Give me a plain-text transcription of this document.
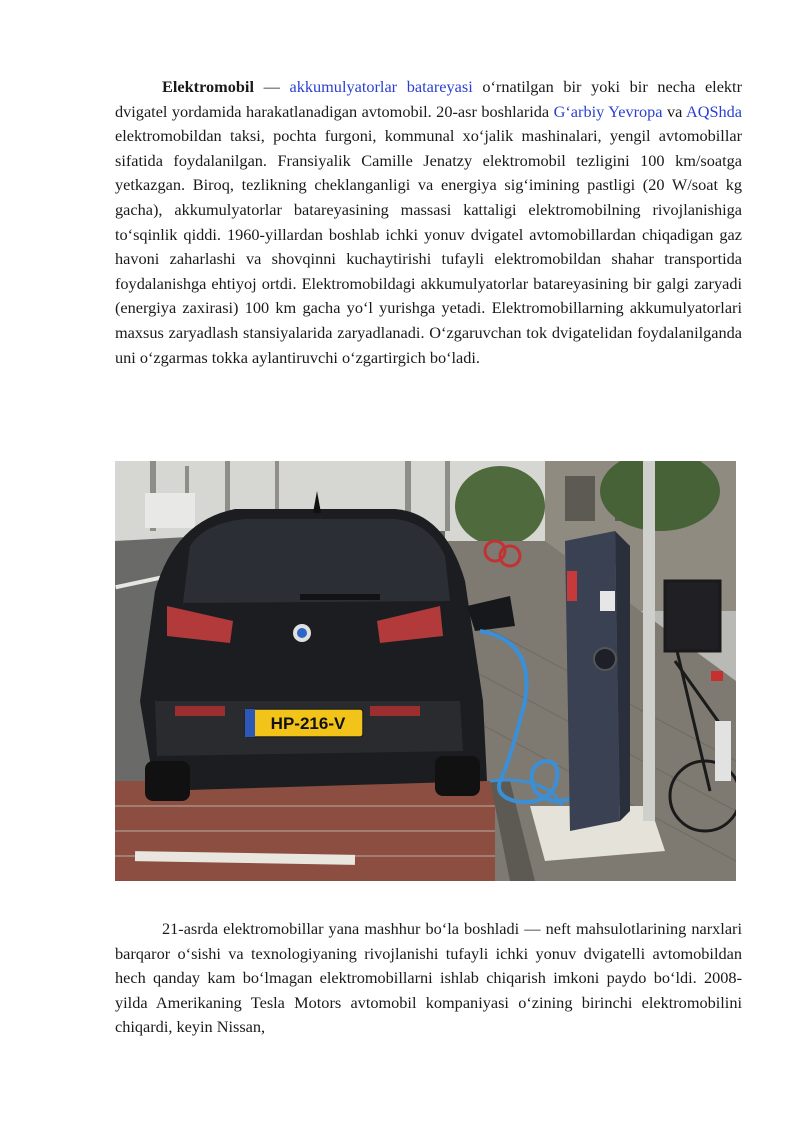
Elektromobil — akkumulyatorlar batareyasi oʻrnatilgan bir yoki bir necha elektr dvigatel yordamida harakatlanadigan avtomobil. 20-asr boshlarida Gʻarbiy Yevropa va AQShda elektromobildan taksi, pochta furgoni, kommunal xoʻjalik mashinalari, yengil avtomobillar sifatida foydalanilgan. Fransiyalik Camille Jenatzy elektromobil tezligini 100 km/soatga yetkazgan. Biroq, tezlikning cheklanganligi va energiya sigʻimining pastligi (20 W/soat kg gacha), akkumulyatorlar batareyasining massasi kattaligi elektromobilning rivojlanishiga toʻsqinlik qiddi. 1960-yillardan boshlab ichki yonuv dvigatel avtomobillardan chiqadigan gaz havoni zaharlashi va shovqinni kuchaytirishi tufayli elektromobildan shahar transportida foydalanishga ehtiyoj ortdi. Elektromobildagi akkumulyatorlar batareyasining bir galgi zaryadi (energiya zaxirasi) 100 km gacha yoʻl yurishga yetadi. Elektromobillarning akkumulyatorlari maxsus zaryadlash stansiyalarida zaryadlanadi. Oʻzgaruvchan tok dvigatelidan foydalanilganda uni oʻzgarmas tokka aylantiruvchi oʻzgartirgich boʻladi.

HP-216-V

21-asrda elektromobillar yana mashhur boʻla boshladi — neft mahsulotlarining narxlari barqaror oʻsishi va texnologiyaning rivojlanishi tufayli ichki yonuv dvigatelli avtomobildan hech qanday kam boʻlmagan elektromobillarni ishlab chiqarish imkoni paydo boʻldi. 2008-yilda Amerikaning Tesla Motors avtomobil kompaniyasi oʻzining birinchi elektromobilini chiqardi, keyin Nissan,
